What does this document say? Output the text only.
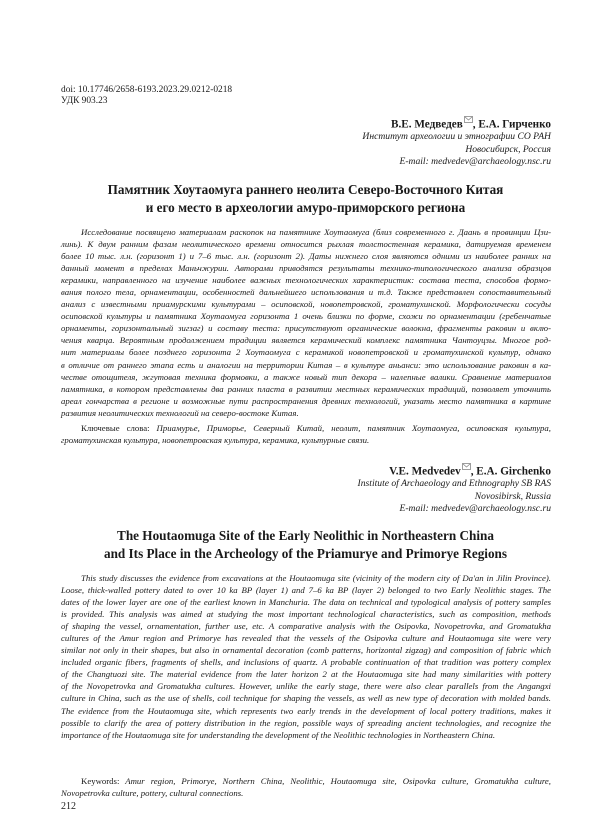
doi: 10.17746/2658-6193.2023.29.0212-0218
УДК 903.23
В.Е. Медведев , Е.А. Гирченко
Институт археологии и этнографии СО РАН
Новосибирск, Россия
E-mail: medvedev@archaeology.nsc.ru
Памятник Хоутаомуга раннего неолита Северо-Восточного Китая
и его место в археологии амуро-приморского региона
Исследование посвящено материалам раскопок на памятнике Хоутаомуга (близ современного г. Даань в провинции Цзи-
линь). К двум ранним фазам неолитического времени относится рыхлая толстостенная керамика, датируемая временем
более 10 тыс. л.н. (горизонт 1) и 7–6 тыс. л.н. (горизонт 2). Даты нижнего слоя являются одними из наиболее ранних на
данный момент в пределах Маньчжурии. Авторами приводятся результаты технико-типологического анализа образцов
керамики, направленного на изучение наиболее важных технологических характеристик: состава теста, способов формо-
вания полого тела, орнаментации, особенностей дальнейшего использования и т.д. Также представлен сопоставительный
анализ с известными приамурскими культурами – осиповской, новопетровской, громатухинской. Морфологически сосуды
осиповской культуры и памятника Хоутаомуга горизонта 1 очень близки по форме, схожи по орнаментации (гребенчатые
орнаменты, горизонтальный зигзаг) и составу теста: присутствуют органические волокна, фрагменты раковин и вклю-
чения кварца. Вероятным продолжением традиции является керамический комплекс памятника Чантоуцзы. Многое род-
нит материалы более позднего горизонта 2 Хоутаомуга с керамикой новопетровской и громатухинской культур, однако
в отличие от раннего этапа есть и аналогии на территории Китая – в культуре аньанси: это использование раковин в ка-
честве отощителя, жгутовая техника формовки, а также новый тип декора – налепные валики. Сравнение материалов
памятника, в котором представлены два ранних пласта в развитии местных керамических традиций, позволяет уточнить
ареал гончарства в регионе и возможные пути распространения древних технологий, указать место памятника в картине
развития неолитических технологий на северо-востоке Китая.
Ключевые слова: Приамурье, Приморье, Северный Китай, неолит, памятник Хоутаомуга, осиповская культура,
громатухинская культура, новопетровская культура, керамика, культурные связи.
V.E. Medvedev , E.A. Girchenko
Institute of Archaeology and Ethnography SB RAS
Novosibirsk, Russia
E-mail: medvedev@archaeology.nsc.ru
The Houtaomuga Site of the Early Neolithic in Northeastern China
and Its Place in the Archeology of the Priamurye and Primorye Regions
This study discusses the evidence from excavations at the Houtaomuga site (vicinity of the modern city of Da'an in Jilin Province).
Loose, thick-walled pottery dated to over 10 ka BP (layer 1) and 7–6 ka BP (layer 2) belonged to two Early Neolithic stages. The
dates of the lower layer are one of the earliest known in Manchuria. The data on technical and typological analysis of pottery samples
is provided. This analysis was aimed at studying the most important technological characteristics, such as composition, methods
of shaping the vessel, ornamentation, further use, etc. A comparative analysis with the Osipovka, Novopetrovka, and Gromatukha
cultures of the Amur region and Primorye has revealed that the vessels of the Osipovka culture and Houtaomuga site were very
similar not only in their shapes, but also in ornamental decoration (comb patterns, horizontal zigzag) and composition of fabric which
included organic fibers, fragments of shells, and inclusions of quartz. A probable continuation of that tradition was pottery complex
of the Changtuozi site. The material evidence from the later horizon 2 at the Houtaomuga site had many similarities with pottery
of the Novopetrovka and Gromatukha cultures. However, unlike the early stage, there were also clear parallels from the Angangxi
culture in China, such as the use of shells, coil technique for shaping the vessels, as well as new type of decoration with molded bands.
The evidence from the Houtaomuga site, which represents two early trends in the development of local pottery traditions, makes it
possible to clarify the area of pottery distribution in the region, possible ways of spreading ancient technologies, and recognize the
importance of the Houtaomuga site for understanding the development of the Neolithic technologies in Northeastern China.
Keywords: Amur region, Primorye, Northern China, Neolithic, Houtaomuga site, Osipovka culture, Gromatukha culture,
Novopetrovka culture, pottery, cultural connections.
212
